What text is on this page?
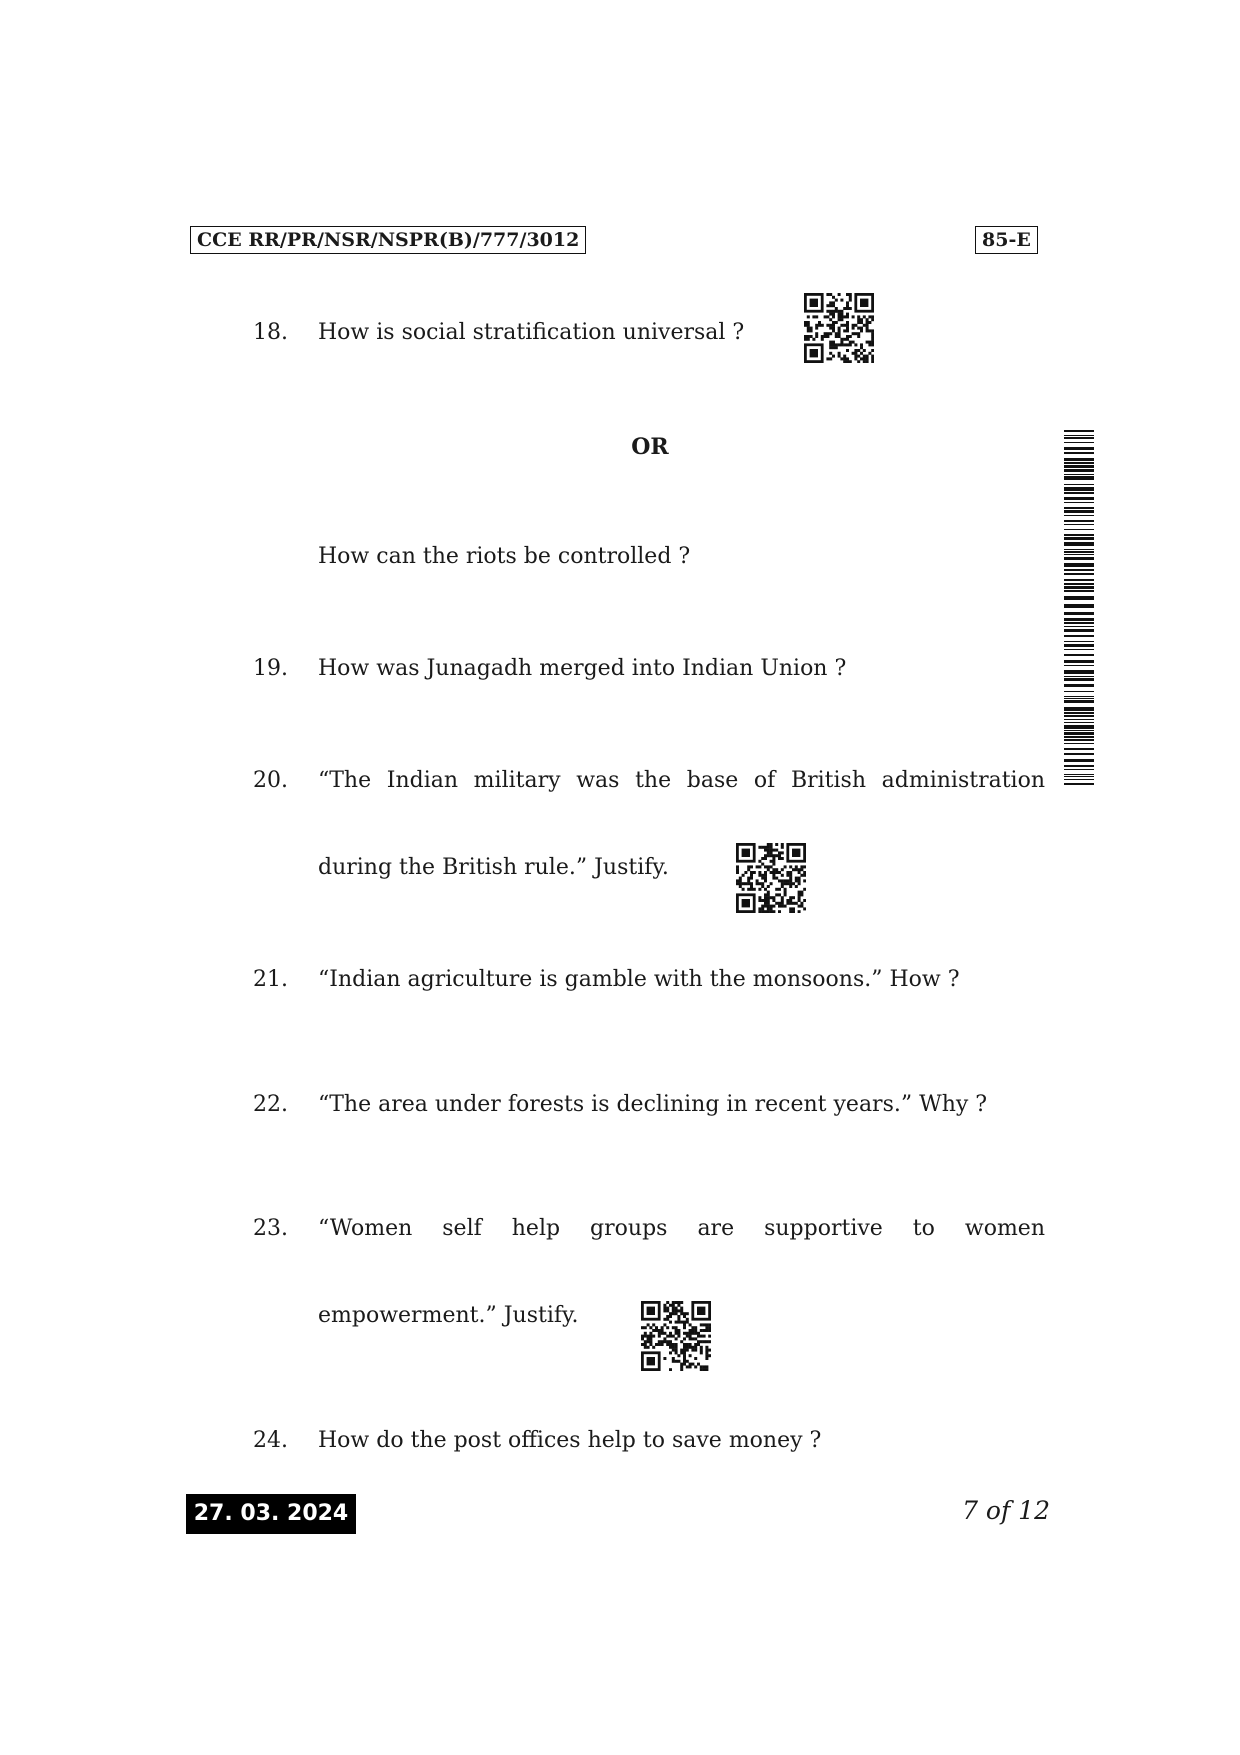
CCE RR/PR/NSR/NSPR(B)/777/3012	85-E
18. How is social stratification universal ?
OR
How can the riots be controlled ?
19. How was Junagadh merged into Indian Union ?
20. “The Indian military was the base of British administration
during the British rule.” Justify.
21. “Indian agriculture is gamble with the monsoons.” How ?
22. “The area under forests is declining in recent years.” Why ?
23. “Women self help groups are supportive to women
empowerment.” Justify.
24. How do the post offices help to save money ?
27. 03. 2024	7 of 12
